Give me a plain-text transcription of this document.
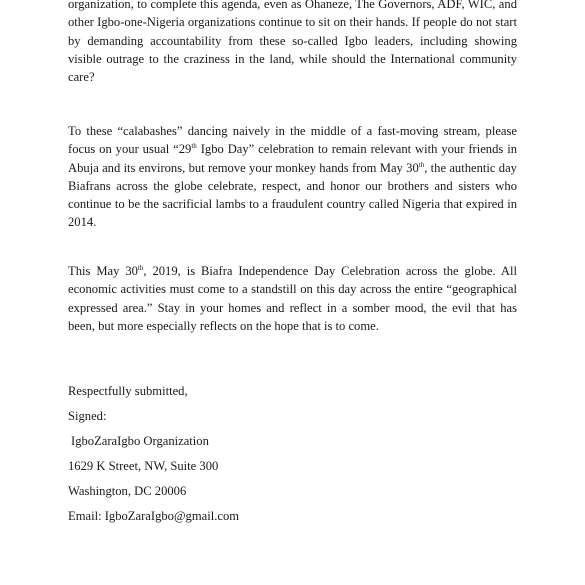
organization, to complete this agenda, even as Ohaneze, The Governors, ADF, WIC, and other Igbo-one-Nigeria organizations continue to sit on their hands. If people do not start by demanding accountability from these so-called Igbo leaders, including showing visible outrage to the craziness in the land, while should the International community care?

To these “calabashes” dancing naively in the middle of a fast-moving stream, please focus on your usual “29th Igbo Day” celebration to remain relevant with your friends in Abuja and its environs, but remove your monkey hands from May 30th, the authentic day Biafrans across the globe celebrate, respect, and honor our brothers and sisters who continue to be the sacrificial lambs to a fraudulent country called Nigeria that expired in 2014.

This May 30th, 2019, is Biafra Independence Day Celebration across the globe. All economic activities must come to a standstill on this day across the entire “geographical expressed area.” Stay in your homes and reflect in a somber mood, the evil that has been, but more especially reflects on the hope that is to come.

Respectfully submitted,

Signed:

IgboZaraIgbo Organization

1629 K Street, NW, Suite 300

Washington, DC 20006

Email: IgboZaraIgbo@gmail.com
